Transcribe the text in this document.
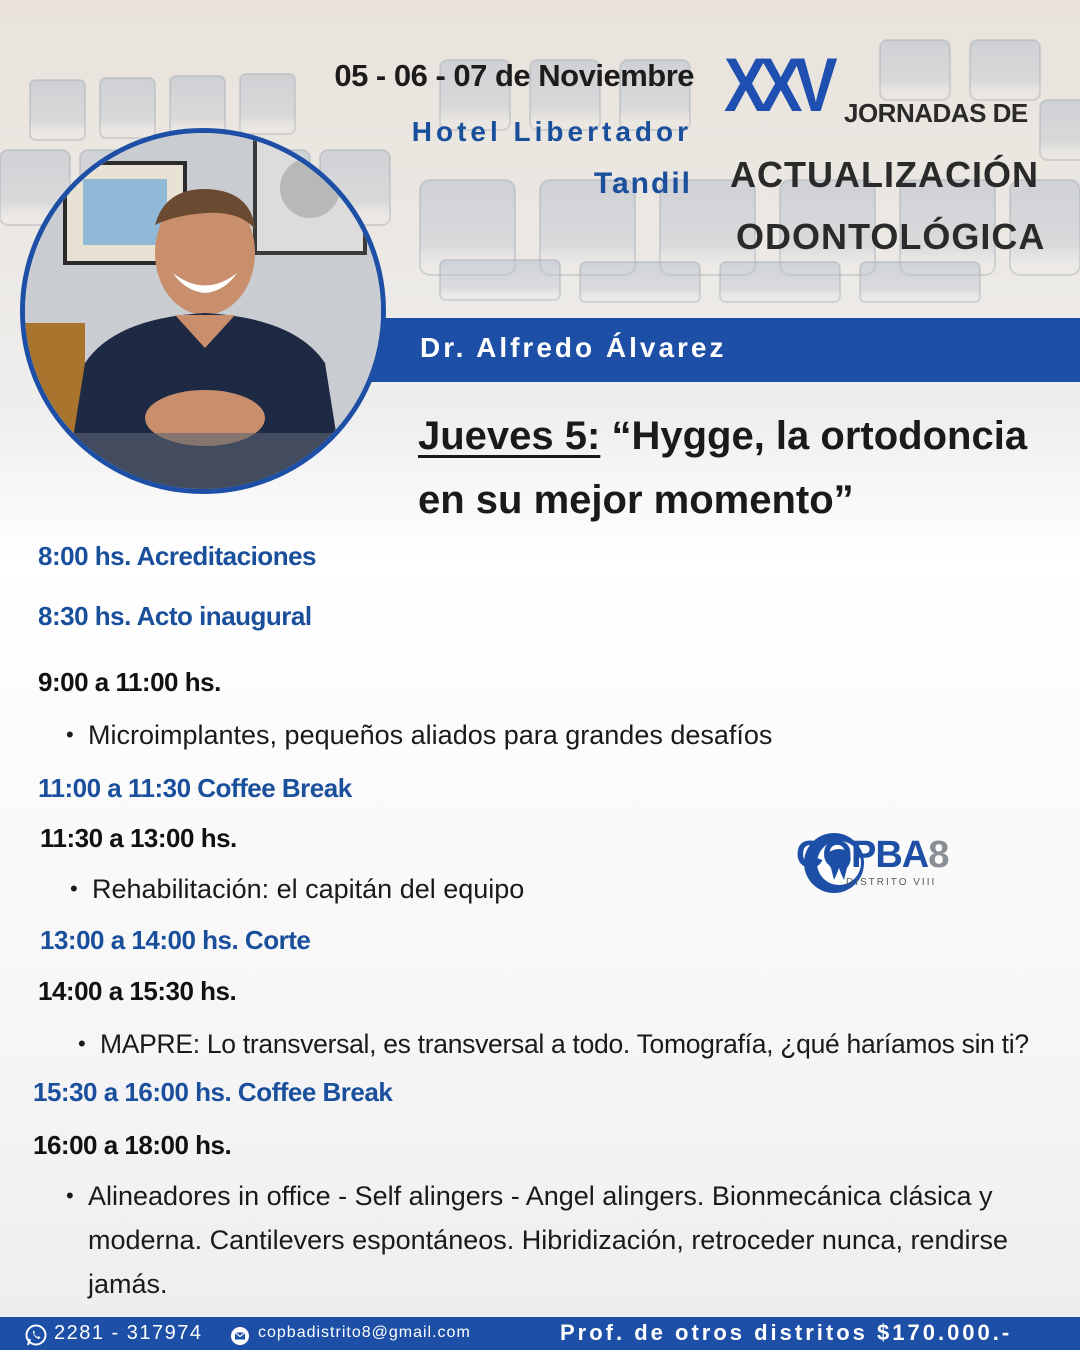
05 - 06 - 07 de Noviembre
Hotel Libertador
Tandil
XXV JORNADAS DE
ACTUALIZACIÓN
ODONTOLÓGICA
Dr. Alfredo Álvarez
Jueves 5: “Hygge, la ortodoncia en su mejor momento”
8:00 hs. Acreditaciones
8:30 hs. Acto inaugural
9:00 a 11:00 hs.
• Microimplantes, pequeños aliados para grandes desafíos
11:00 a 11:30 Coffee Break
11:30 a 13:00 hs.
• Rehabilitación: el capitán del equipo
13:00 a 14:00 hs. Corte
14:00 a 15:30 hs.
• MAPRE: Lo transversal, es transversal a todo. Tomografía, ¿qué haríamos sin ti?
15:30 a 16:00 hs. Coffee Break
16:00 a 18:00 hs.
• Alineadores in office - Self alingers - Angel alingers. Bionmecánica clásica y moderna. Cantilevers espontáneos. Hibridización, retroceder nunca, rendirse jamás.
COPBA8
DISTRITO VIII
2281 - 317974	copbadistrito8@gmail.com	Prof. de otros distritos $170.000.-
